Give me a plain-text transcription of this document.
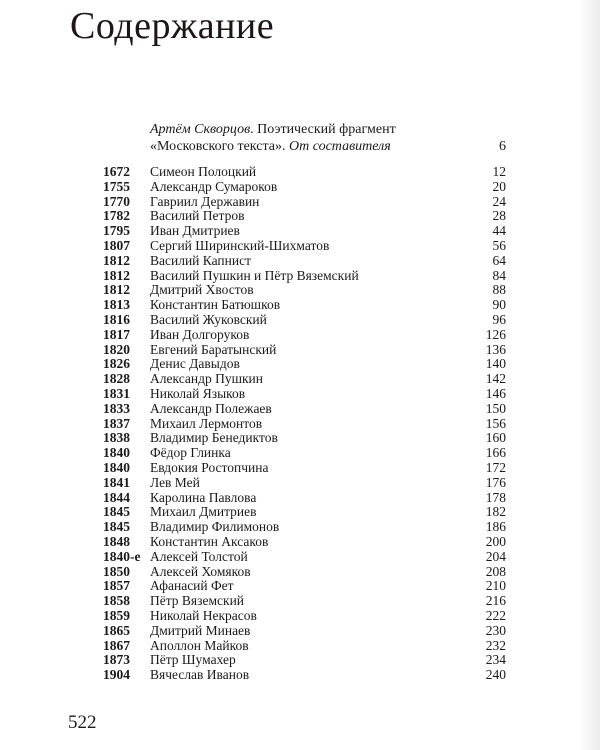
Содержание
Артём Скворцов. Поэтический фрагмент
«Московского текста». От составителя	6
1672	Симеон Полоцкий	12
1755	Александр Сумароков	20
1770	Гавриил Державин	24
1782	Василий Петров	28
1795	Иван Дмитриев	44
1807	Сергий Ширинский-Шихматов	56
1812	Василий Капнист	64
1812	Василий Пушкин и Пётр Вяземский	84
1812	Дмитрий Хвостов	88
1813	Константин Батюшков	90
1816	Василий Жуковский	96
1817	Иван Долгоруков	126
1820	Евгений Баратынский	136
1826	Денис Давыдов	140
1828	Александр Пушкин	142
1831	Николай Языков	146
1833	Александр Полежаев	150
1837	Михаил Лермонтов	156
1838	Владимир Бенедиктов	160
1840	Фёдор Глинка	166
1840	Евдокия Ростопчина	172
1841	Лев Мей	176
1844	Каролина Павлова	178
1845	Михаил Дмитриев	182
1845	Владимир Филимонов	186
1848	Константин Аксаков	200
1840-е Алексей Толстой	204
1850	Алексей Хомяков	208
1857	Афанасий Фет	210
1858	Пётр Вяземский	216
1859	Николай Некрасов	222
1865	Дмитрий Минаев	230
1867	Аполлон Майков	232
1873	Пётр Шумахер	234
1904	Вячеслав Иванов	240
522
